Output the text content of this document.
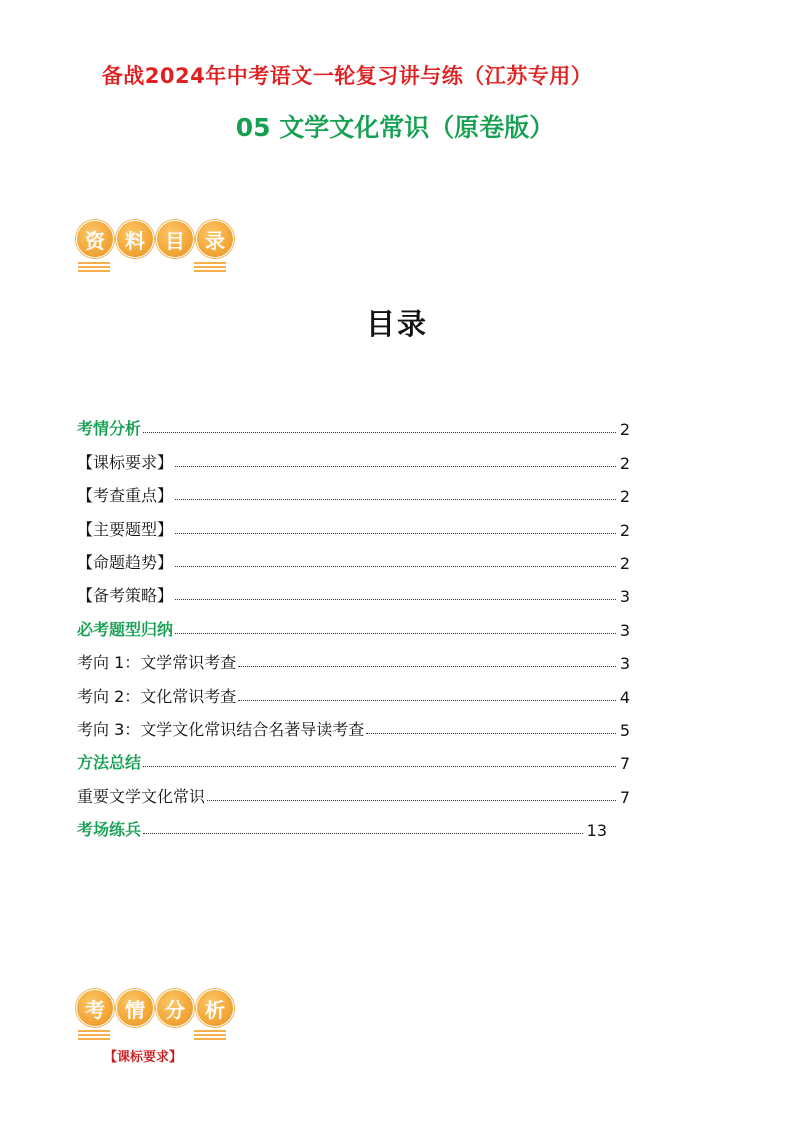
备战2024年中考语文一轮复习讲与练（江苏专用）
05 文学文化常识（原卷版）
资	料	目	录
目录
考情分析	2
【课标要求】	2
【考查重点】	2
【主要题型】	2
【命题趋势】	2
【备考策略】	3
必考题型归纳	3
考向 1：文学常识考查	3
考向 2：文化常识考查	4
考向 3：文学文化常识结合名著导读考查	5
方法总结	7
重要文学文化常识	7
考场练兵	13
考	情	分	析
【课标要求】
